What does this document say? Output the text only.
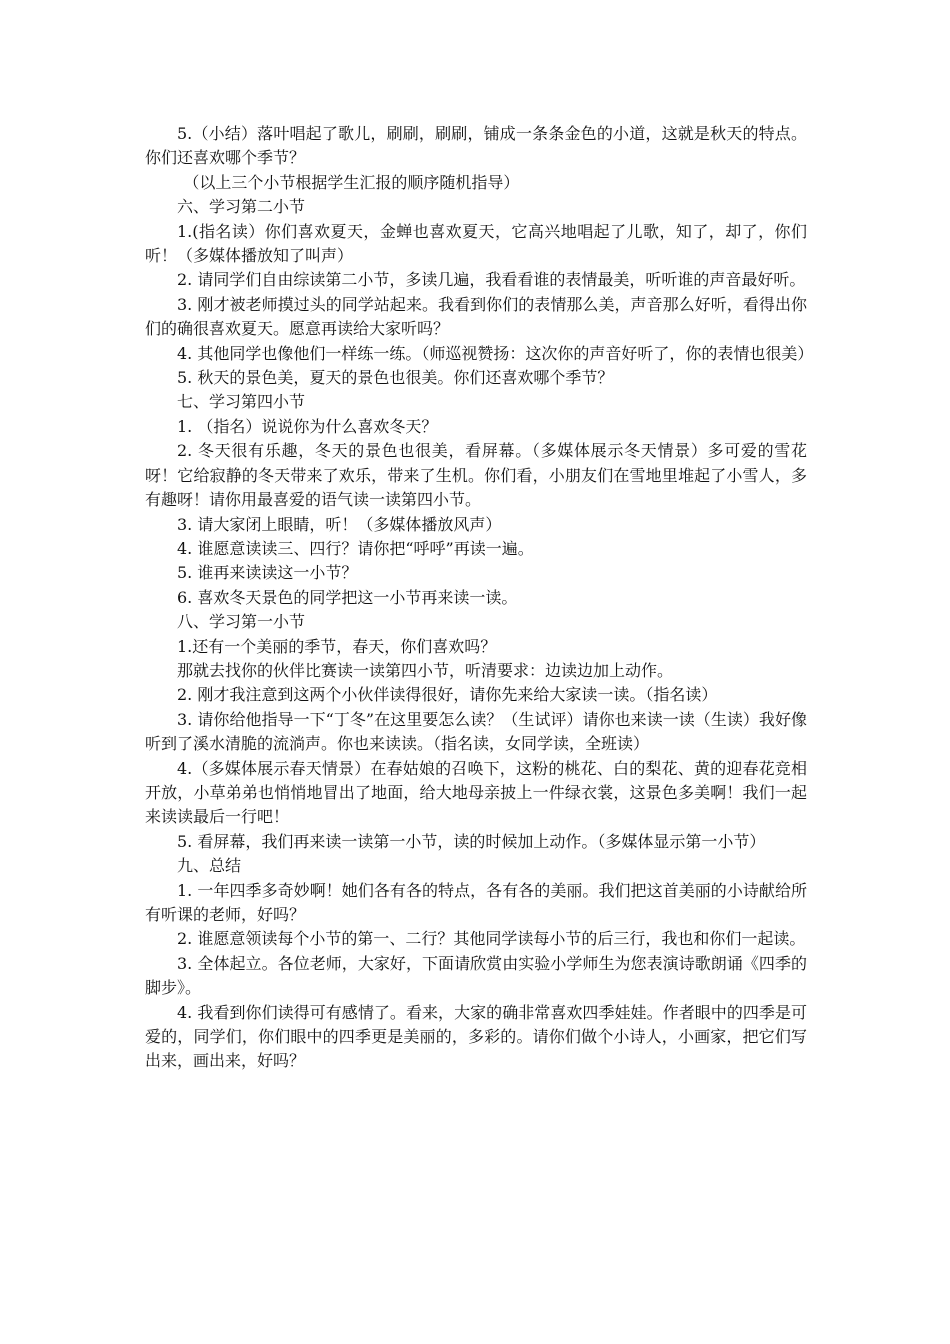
5.（小结）落叶唱起了歌儿，刷刷，刷刷，铺成一条条金色的小道，这就是秋天的特点。你们还喜欢哪个季节？
（以上三个小节根据学生汇报的顺序随机指导）
六、学习第二小节
1.(指名读）你们喜欢夏天，金蝉也喜欢夏天，它高兴地唱起了儿歌，知了，却了，你们听！（多媒体播放知了叫声）
2. 请同学们自由综读第二小节，多读几遍，我看看谁的表情最美，听听谁的声音最好听。
3. 刚才被老师摸过头的同学站起来。我看到你们的表情那么美，声音那么好听，看得出你们的确很喜欢夏天。愿意再读给大家听吗？
4. 其他同学也像他们一样练一练。（师巡视赞扬：这次你的声音好听了，你的表情也很美）
5. 秋天的景色美，夏天的景色也很美。你们还喜欢哪个季节？
七、学习第四小节
1. （指名）说说你为什么喜欢冬天？
2. 冬天很有乐趣，冬天的景色也很美，看屏幕。（多媒体展示冬天情景）多可爱的雪花呀！它给寂静的冬天带来了欢乐，带来了生机。你们看，小朋友们在雪地里堆起了小雪人，多有趣呀！请你用最喜爱的语气读一读第四小节。
3. 请大家闭上眼睛，听！（多媒体播放风声）
4. 谁愿意读读三、四行？请你把“呼呼”再读一遍。
5. 谁再来读读这一小节？
6. 喜欢冬天景色的同学把这一小节再来读一读。
八、学习第一小节
1.还有一个美丽的季节，春天，你们喜欢吗？
那就去找你的伙伴比赛读一读第四小节，听清要求：边读边加上动作。
2. 刚才我注意到这两个小伙伴读得很好，请你先来给大家读一读。（指名读）
3. 请你给他指导一下“丁冬”在这里要怎么读？（生试评）请你也来读一读（生读）我好像听到了溪水清脆的流淌声。你也来读读。（指名读，女同学读，全班读）
4.（多媒体展示春天情景）在春姑娘的召唤下，这粉的桃花、白的梨花、黄的迎春花竞相开放，小草弟弟也悄悄地冒出了地面，给大地母亲披上一件绿衣裳，这景色多美啊！我们一起来读读最后一行吧！
5. 看屏幕，我们再来读一读第一小节，读的时候加上动作。（多媒体显示第一小节）
九、总结
1. 一年四季多奇妙啊！她们各有各的特点，各有各的美丽。我们把这首美丽的小诗献给所有听课的老师，好吗？
2. 谁愿意领读每个小节的第一、二行？其他同学读每小节的后三行，我也和你们一起读。
3. 全体起立。各位老师，大家好，下面请欣赏由实验小学师生为您表演诗歌朗诵《四季的脚步》。
4. 我看到你们读得可有感情了。看来，大家的确非常喜欢四季娃娃。作者眼中的四季是可爱的，同学们，你们眼中的四季更是美丽的，多彩的。请你们做个小诗人，小画家，把它们写出来，画出来，好吗？
